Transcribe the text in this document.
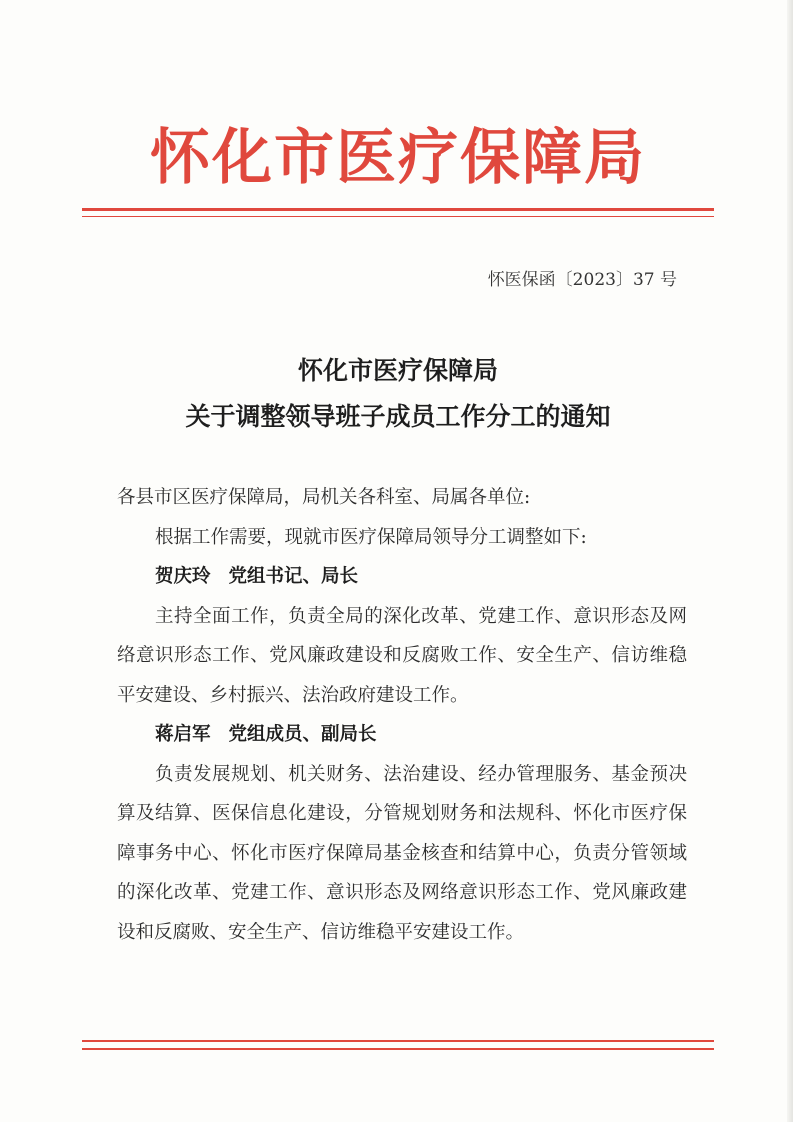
怀化市医疗保障局
怀医保函〔2023〕37 号
怀化市医疗保障局
关于调整领导班子成员工作分工的通知

各县市区医疗保障局，局机关各科室、局属各单位:

根据工作需要，现就市医疗保障局领导分工调整如下:

贺庆玲 党组书记、局长

主持全面工作，负责全局的深化改革、党建工作、意识形态及网络意识形态工作、党风廉政建设和反腐败工作、安全生产、信访维稳平安建设、乡村振兴、法治政府建设工作。

蒋启军 党组成员、副局长

负责发展规划、机关财务、法治建设、经办管理服务、基金预决算及结算、医保信息化建设，分管规划财务和法规科、怀化市医疗保障事务中心、怀化市医疗保障局基金核查和结算中心，负责分管领域的深化改革、党建工作、意识形态及网络意识形态工作、党风廉政建设和反腐败、安全生产、信访维稳平安建设工作。
